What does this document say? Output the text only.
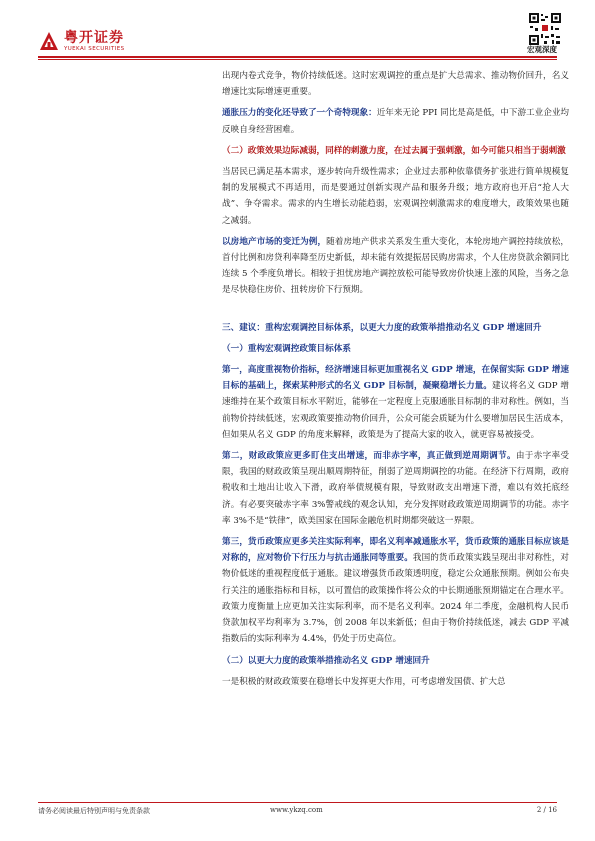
粤开证券
YUEKAI SECURITIES	宏观深度

出现内卷式竞争，物价持续低迷。这时宏观调控的重点是扩大总需求、推动物价回升，名义增速比实际增速更重要。

通胀压力的变化还导致了一个奇特现象：近年来无论 PPI 同比是高是低，中下游工业企业均反映自身经营困难。

（二）政策效果边际减弱，同样的刺激力度，在过去属于强刺激，如今可能只相当于弱刺激

当居民已满足基本需求，逐步转向升级性需求；企业过去那种依靠债务扩张进行简单规模复制的发展模式不再适用，而是要通过创新实现产品和服务升级；地方政府也开启“抢人大战”、争夺需求。需求的内生增长动能趋弱，宏观调控刺激需求的难度增大，政策效果也随之减弱。

以房地产市场的变迁为例，随着房地产供求关系发生重大变化，本轮房地产调控持续放松，首付比例和房贷利率降至历史新低，却未能有效提振居民购房需求，个人住房贷款余额同比连续 5 个季度负增长。相较于担忧房地产调控放松可能导致房价快速上涨的风险，当务之急是尽快稳住房价、扭转房价下行预期。

三、建议：重构宏观调控目标体系，以更大力度的政策举措推动名义 GDP 增速回升

（一）重构宏观调控政策目标体系

第一，高度重视物价指标，经济增速目标更加重视名义 GDP 增速，在保留实际 GDP 增速目标的基础上，探索某种形式的名义 GDP 目标制，凝聚稳增长力量。建议将名义 GDP 增速维持在某个政策目标水平附近，能够在一定程度上克服通胀目标制的非对称性。例如，当前物价持续低迷，宏观政策要推动物价回升，公众可能会质疑为什么要增加居民生活成本，但如果从名义 GDP 的角度来解释，政策是为了提高大家的收入，就更容易被接受。

第二，财政政策应更多盯住支出增速，而非赤字率，真正做到逆周期调节。由于赤字率受限，我国的财政政策呈现出顺周期特征，削弱了逆周期调控的功能。在经济下行周期，政府税收和土地出让收入下滑，政府举债规模有限，导致财政支出增速下滑，难以有效托底经济。有必要突破赤字率 3%警戒线的观念认知，充分发挥财政政策逆周期调节的功能。赤字率 3%不是“铁律”，欧美国家在国际金融危机时期都突破这一界限。

第三，货币政策应更多关注实际利率，即名义利率减通胀水平，货币政策的通胀目标应该是对称的，应对物价下行压力与抗击通胀同等重要。我国的货币政策实践呈现出非对称性，对物价低迷的重视程度低于通胀。建议增强货币政策透明度，稳定公众通胀预期。例如公布央行关注的通胀指标和目标，以可置信的政策操作将公众的中长期通胀预期锚定在合理水平。政策力度衡量上应更加关注实际利率，而不是名义利率。2024 年二季度，金融机构人民币贷款加权平均利率为 3.7%，创 2008 年以来新低；但由于物价持续低迷，减去 GDP 平减指数后的实际利率为 4.4%，仍处于历史高位。

（二）以更大力度的政策举措推动名义 GDP 增速回升

一是积极的财政政策要在稳增长中发挥更大作用，可考虑增发国债、扩大总

请务必阅读最后特别声明与免责条款	www.ykzq.com	2 / 16
